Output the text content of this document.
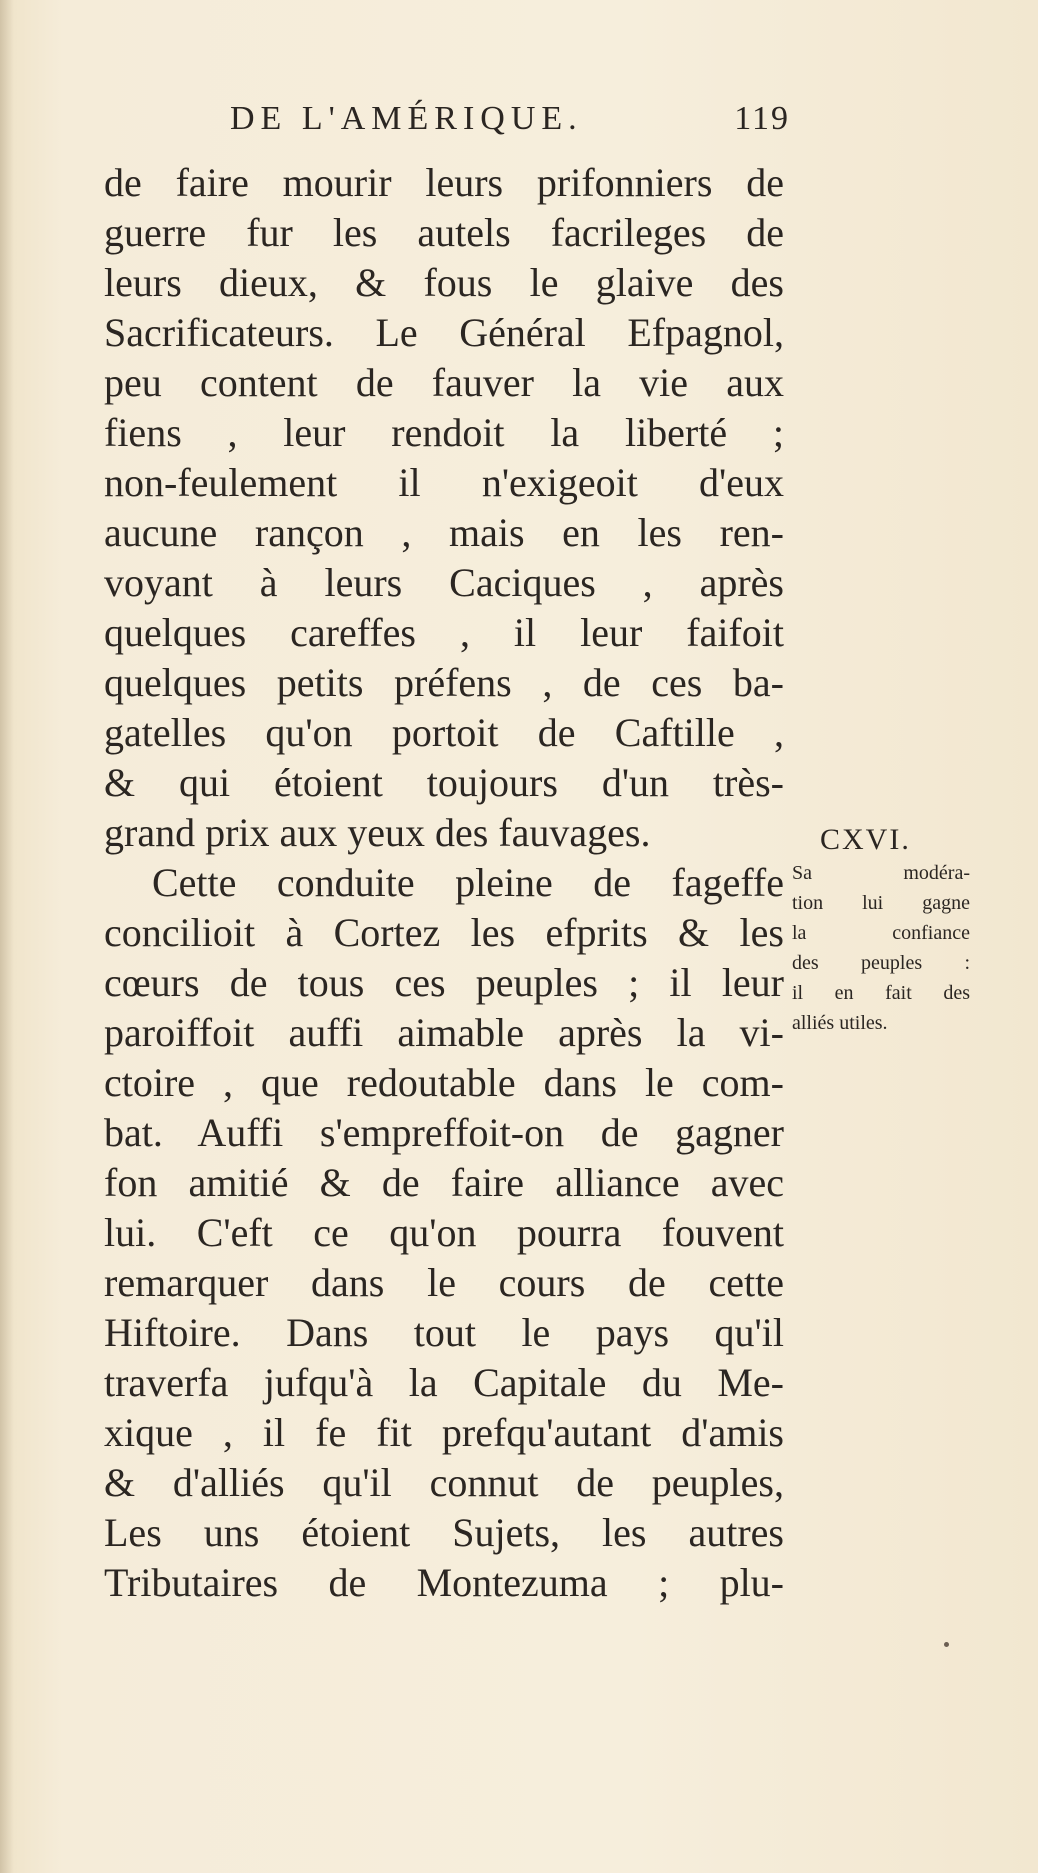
DE L'AMÉRIQUE.	119
de faire mourir leurs prifonniers de
guerre fur les autels facrileges de
leurs dieux, & fous le glaive des
Sacrificateurs. Le Général Efpagnol,
peu content de fauver la vie aux
fiens , leur rendoit la liberté ;
non-feulement il n'exigeoit d'eux
aucune rançon , mais en les ren-
voyant à leurs Caciques , après
quelques careffes , il leur faifoit
quelques petits préfens , de ces ba-
gatelles qu'on portoit de Caftille ,
& qui étoient toujours d'un très-
grand prix aux yeux des fauvages.
Cette conduite pleine de fageffe
concilioit à Cortez les efprits & les
cœurs de tous ces peuples ; il leur
paroiffoit auffi aimable après la vi-
ctoire , que redoutable dans le com-
bat. Auffi s'empreffoit-on de gagner
fon amitié & de faire alliance avec
lui. C'eft ce qu'on pourra fouvent
remarquer dans le cours de cette
Hiftoire. Dans tout le pays qu'il
traverfa jufqu'à la Capitale du Me-
xique , il fe fit prefqu'autant d'amis
& d'alliés qu'il connut de peuples,
Les uns étoient Sujets, les autres
Tributaires de Montezuma ; plu-
CXVI.
Sa modéra-
tion lui gagne
la confiance
des peuples :
il en fait des
alliés utiles.
